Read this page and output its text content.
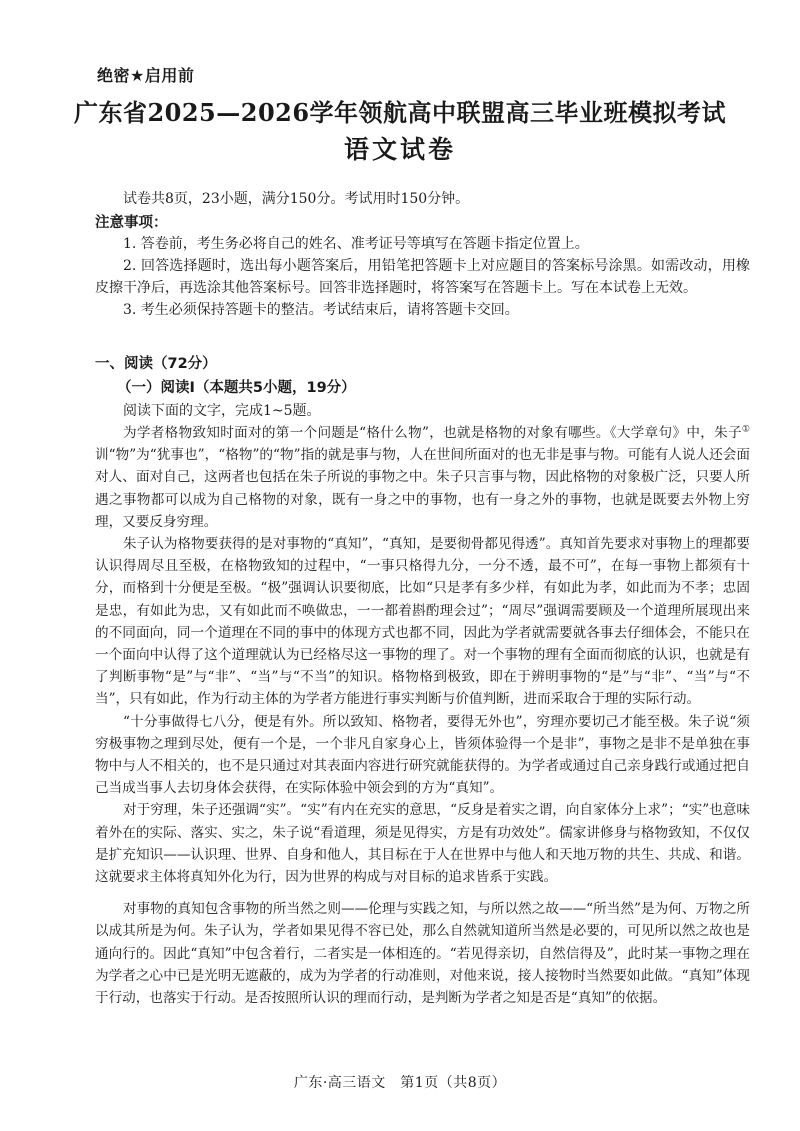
绝密★启用前
广东省2025—2026学年领航高中联盟高三毕业班模拟考试
语文试卷
试卷共8页，23小题，满分150分。考试用时150分钟。
注意事项：

1. 答卷前，考生务必将自己的姓名、准考证号等填写在答题卡指定位置上。

2. 回答选择题时，选出每小题答案后，用铅笔把答题卡上对应题目的答案标号涂黑。如需改动，用橡皮擦干净后，再选涂其他答案标号。回答非选择题时，将答案写在答题卡上。写在本试卷上无效。

3. 考生必须保持答题卡的整洁。考试结束后，请将答题卡交回。

一、阅读（72分）
（一）阅读Ⅰ（本题共5小题，19分）
阅读下面的文字，完成1~5题。

为学者格物致知时面对的第一个问题是“格什么物”，也就是格物的对象有哪些。《大学章句》中，朱子①训“物”为“犹事也”，“格物”的“物”指的就是事与物，人在世间所面对的也无非是事与物。可能有人说人还会面对人、面对自己，这两者也包括在朱子所说的事物之中。朱子只言事与物，因此格物的对象极广泛，只要人所遇之事物都可以成为自己格物的对象，既有一身之中的事物，也有一身之外的事物，也就是既要去外物上穷理，又要反身穷理。

朱子认为格物要获得的是对事物的“真知”，“真知，是要彻骨都见得透”。真知首先要求对事物上的理都要认识得周尽且至极，在格物致知的过程中，“一事只格得九分，一分不透，最不可”，在每一事物上都须有十分，而格到十分便是至极。“极”强调认识要彻底，比如“只是孝有多少样，有如此为孝，如此而为不孝；忠固是忠，有如此为忠，又有如此而不唤做忠，一一都着斟酌理会过”；“周尽”强调需要顾及一个道理所展现出来的不同面向，同一个道理在不同的事中的体现方式也都不同，因此为学者就需要就各事去仔细体会，不能只在一个面向中认得了这个道理就认为已经格尽这一事物的理了。对一个事物的理有全面而彻底的认识，也就是有了判断事物“是”与“非”、“当”与“不当”的知识。格物格到极致，即在于辨明事物的“是”与“非”、“当”与“不当”，只有如此，作为行动主体的为学者方能进行事实判断与价值判断，进而采取合于理的实际行动。

“十分事做得七八分，便是有外。所以致知、格物者，要得无外也”，穷理亦要切己才能至极。朱子说“须穷极事物之理到尽处，便有一个是，一个非凡自家身心上，皆须体验得一个是非”，事物之是非不是单独在事物中与人不相关的，也不是只通过对其表面内容进行研究就能获得的。为学者或通过自己亲身践行或通过把自己当成当事人去切身体会获得，在实际体验中领会到的方为“真知”。

对于穷理，朱子还强调“实”。“实”有内在充实的意思，“反身是着实之谓，向自家体分上求”；“实”也意味着外在的实际、落实、实之，朱子说“看道理，须是见得实，方是有功效处”。儒家讲修身与格物致知，不仅仅是扩充知识——认识理、世界、自身和他人，其目标在于人在世界中与他人和天地万物的共生、共成、和谐。这就要求主体将真知外化为行，因为世界的构成与对目标的追求皆系于实践。

对事物的真知包含事物的所当然之则——伦理与实践之知，与所以然之故——“所当然”是为何、万物之所以成其所是为何。朱子认为，学者如果见得不容已处，那么自然就知道所当然是必要的，可见所以然之故也是通向行的。因此“真知”中包含着行，二者实是一体相连的。“若见得亲切，自然信得及”，此时某一事物之理在为学者之心中已是光明无遮蔽的，成为为学者的行动准则，对他来说，接人接物时当然要如此做。“真知”体现于行动，也落实于行动。是否按照所认识的理而行动，是判断为学者之知是否是“真知”的依据。

广东·高三语文　第1页（共8页）
